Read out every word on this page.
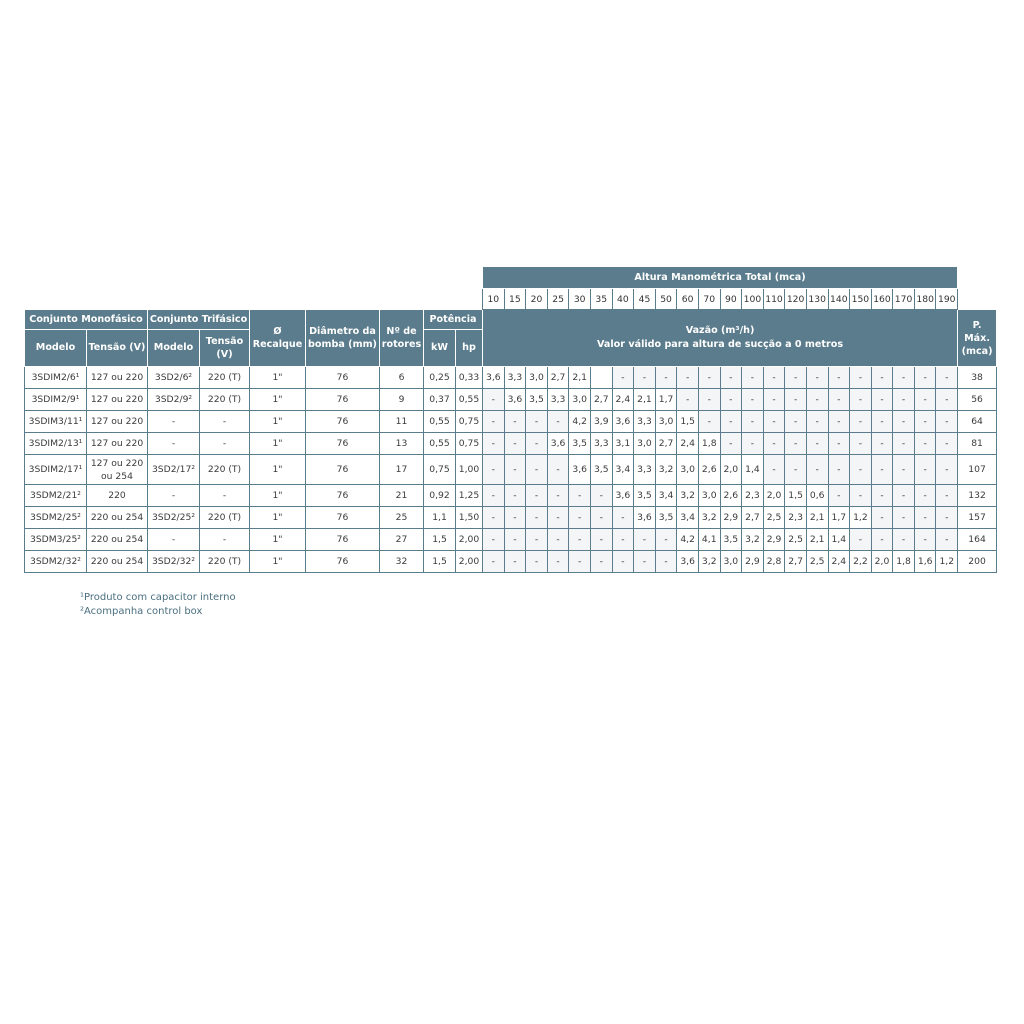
									Altura Manométrica Total (mca)																						
									10	15	20	25	30	35	40	45	50	60	70	90	100	110	120	130	140	150	160	170	180	190	
Conjunto Monofásico		Conjunto Trifásico		Ø Recalque	Diâmetro da bomba (mm)	Nº de rotores	Potência		Vazão (m³/h)
Valor válido para altura de sucção a 0 metros																						P. Máx. (mca)
Modelo	Tensão (V)	Modelo	Tensão (V)				kW	hp																							
3SDIM2/6¹	127 ou 220	3SD2/6²	220 (T)	1"	76	6	0,25	0,33	3,6	3,3	3,0	2,7	2,1		-	-	-	-	-	-	-	-	-	-	-	-	-	-	-	-	38
3SDIM2/9¹	127 ou 220	3SD2/9²	220 (T)	1"	76	9	0,37	0,55	-	3,6	3,5	3,3	3,0	2,7	2,4	2,1	1,7	-	-	-	-	-	-	-	-	-	-	-	-	-	56
3SDIM3/11¹	127 ou 220	-	-	1"	76	11	0,55	0,75	-	-	-	-	4,2	3,9	3,6	3,3	3,0	1,5	-	-	-	-	-	-	-	-	-	-	-	-	64
3SDIM2/13¹	127 ou 220	-	-	1"	76	13	0,55	0,75	-	-	-	3,6	3,5	3,3	3,1	3,0	2,7	2,4	1,8	-	-	-	-	-	-	-	-	-	-	-	81
3SDIM2/17¹	127 ou 220 ou 254	3SD2/17²	220 (T)	1"	76	17	0,75	1,00	-	-	-	-	3,6	3,5	3,4	3,3	3,2	3,0	2,6	2,0	1,4	-	-	-	-	-	-	-	-	-	107
3SDM2/21²	220	-	-	1"	76	21	0,92	1,25	-	-	-	-	-	-	3,6	3,5	3,4	3,2	3,0	2,6	2,3	2,0	1,5	0,6	-	-	-	-	-	-	132
3SDM2/25²	220 ou 254	3SD2/25²	220 (T)	1"	76	25	1,1	1,50	-	-	-	-	-	-	-	3,6	3,5	3,4	3,2	2,9	2,7	2,5	2,3	2,1	1,7	1,2	-	-	-	-	157
3SDM3/25²	220 ou 254	-	-	1"	76	27	1,5	2,00	-	-	-	-	-	-	-	-	-	4,2	4,1	3,5	3,2	2,9	2,5	2,1	1,4	-	-	-	-	-	164
3SDM2/32²	220 ou 254	3SD2/32²	220 (T)	1"	76	32	1,5	2,00	-	-	-	-	-	-	-	-	-	3,6	3,2	3,0	2,9	2,8	2,7	2,5	2,4	2,2	2,0	1,8	1,6	1,2	200
¹Produto com capacitor interno
²Acompanha control box
